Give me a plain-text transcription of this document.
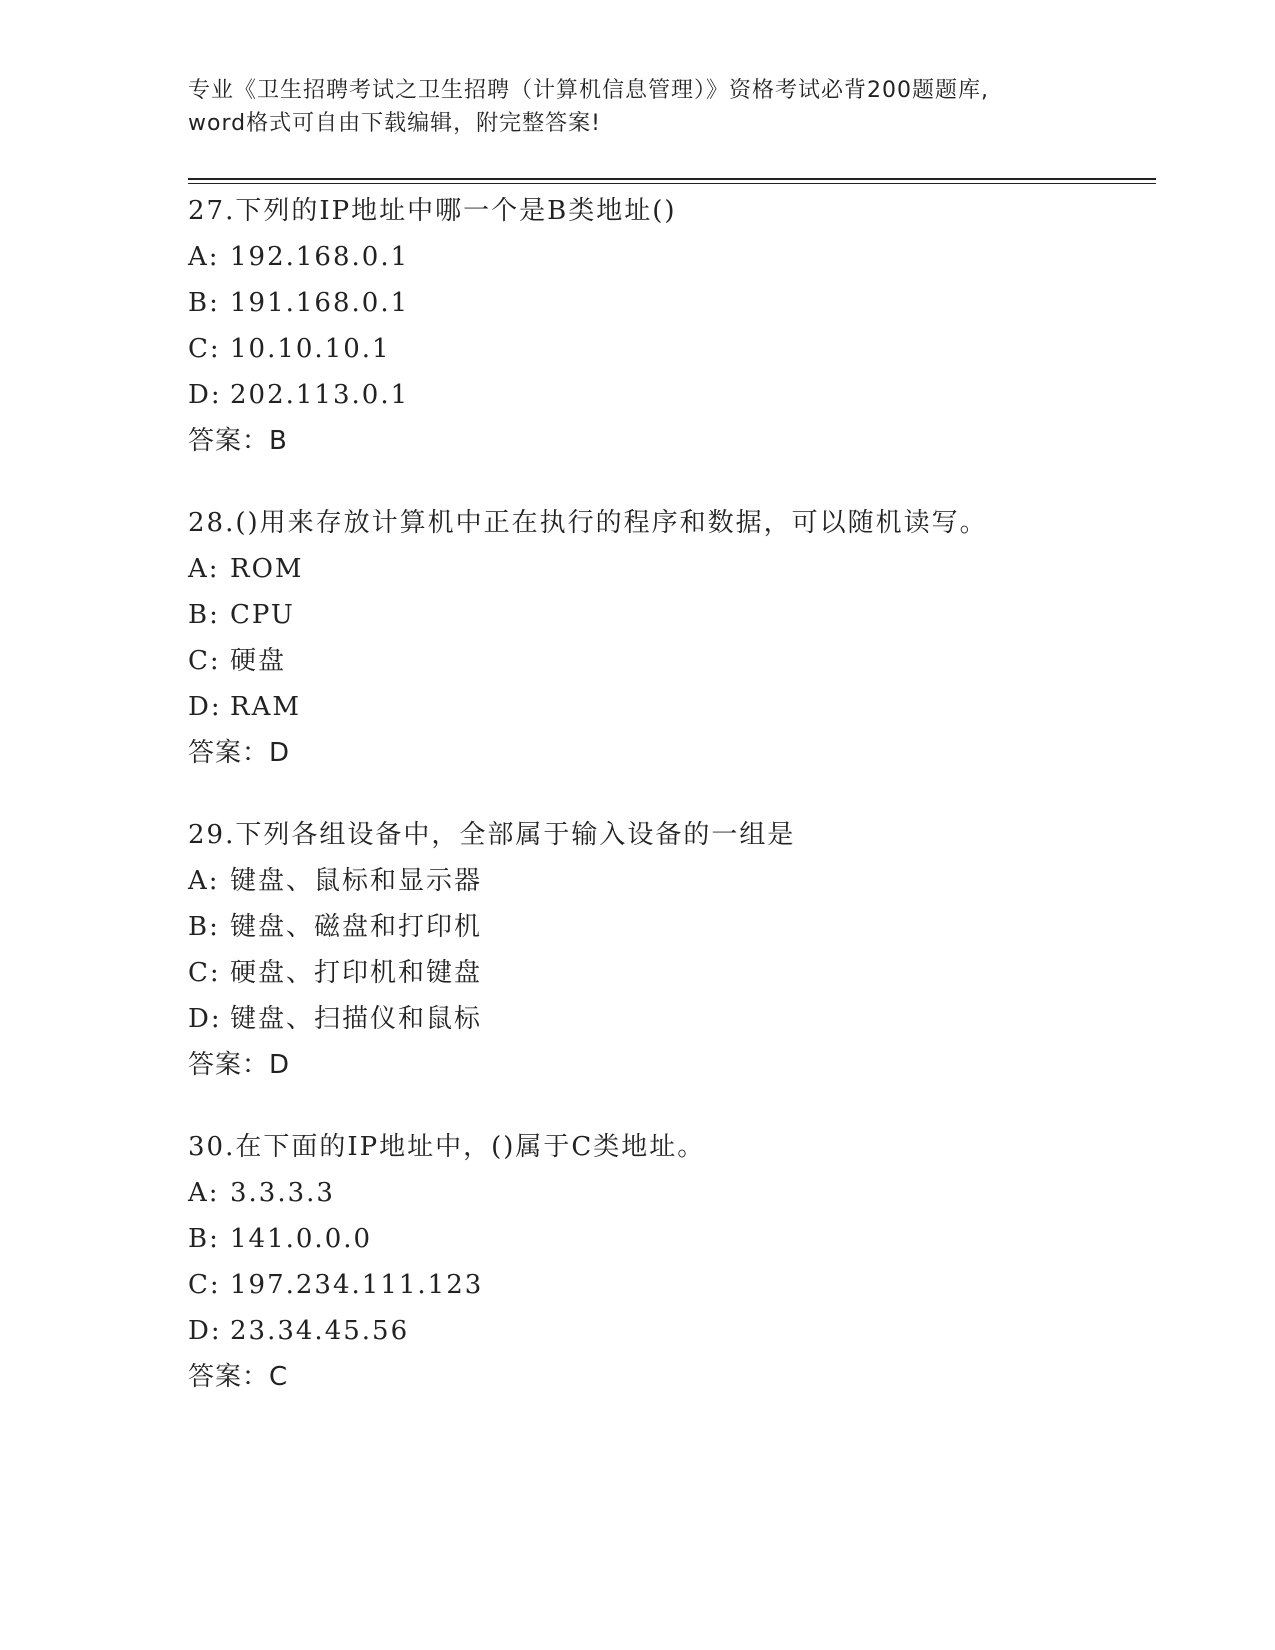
专业《卫生招聘考试之卫生招聘（计算机信息管理）》资格考试必背200题题库,
word格式可自由下载编辑，附完整答案!
27.下列的IP地址中哪一个是B类地址()
A: 192.168.0.1
B: 191.168.0.1
C: 10.10.10.1
D: 202.113.0.1
答案：B
28.()用来存放计算机中正在执行的程序和数据，可以随机读写。
A: ROM
B: CPU
C: 硬盘
D: RAM
答案：D
29.下列各组设备中，全部属于输入设备的一组是
A: 键盘、鼠标和显示器
B: 键盘、磁盘和打印机
C: 硬盘、打印机和键盘
D: 键盘、扫描仪和鼠标
答案：D
30.在下面的IP地址中，()属于C类地址。
A: 3.3.3.3
B: 141.0.0.0
C: 197.234.111.123
D: 23.34.45.56
答案：C
